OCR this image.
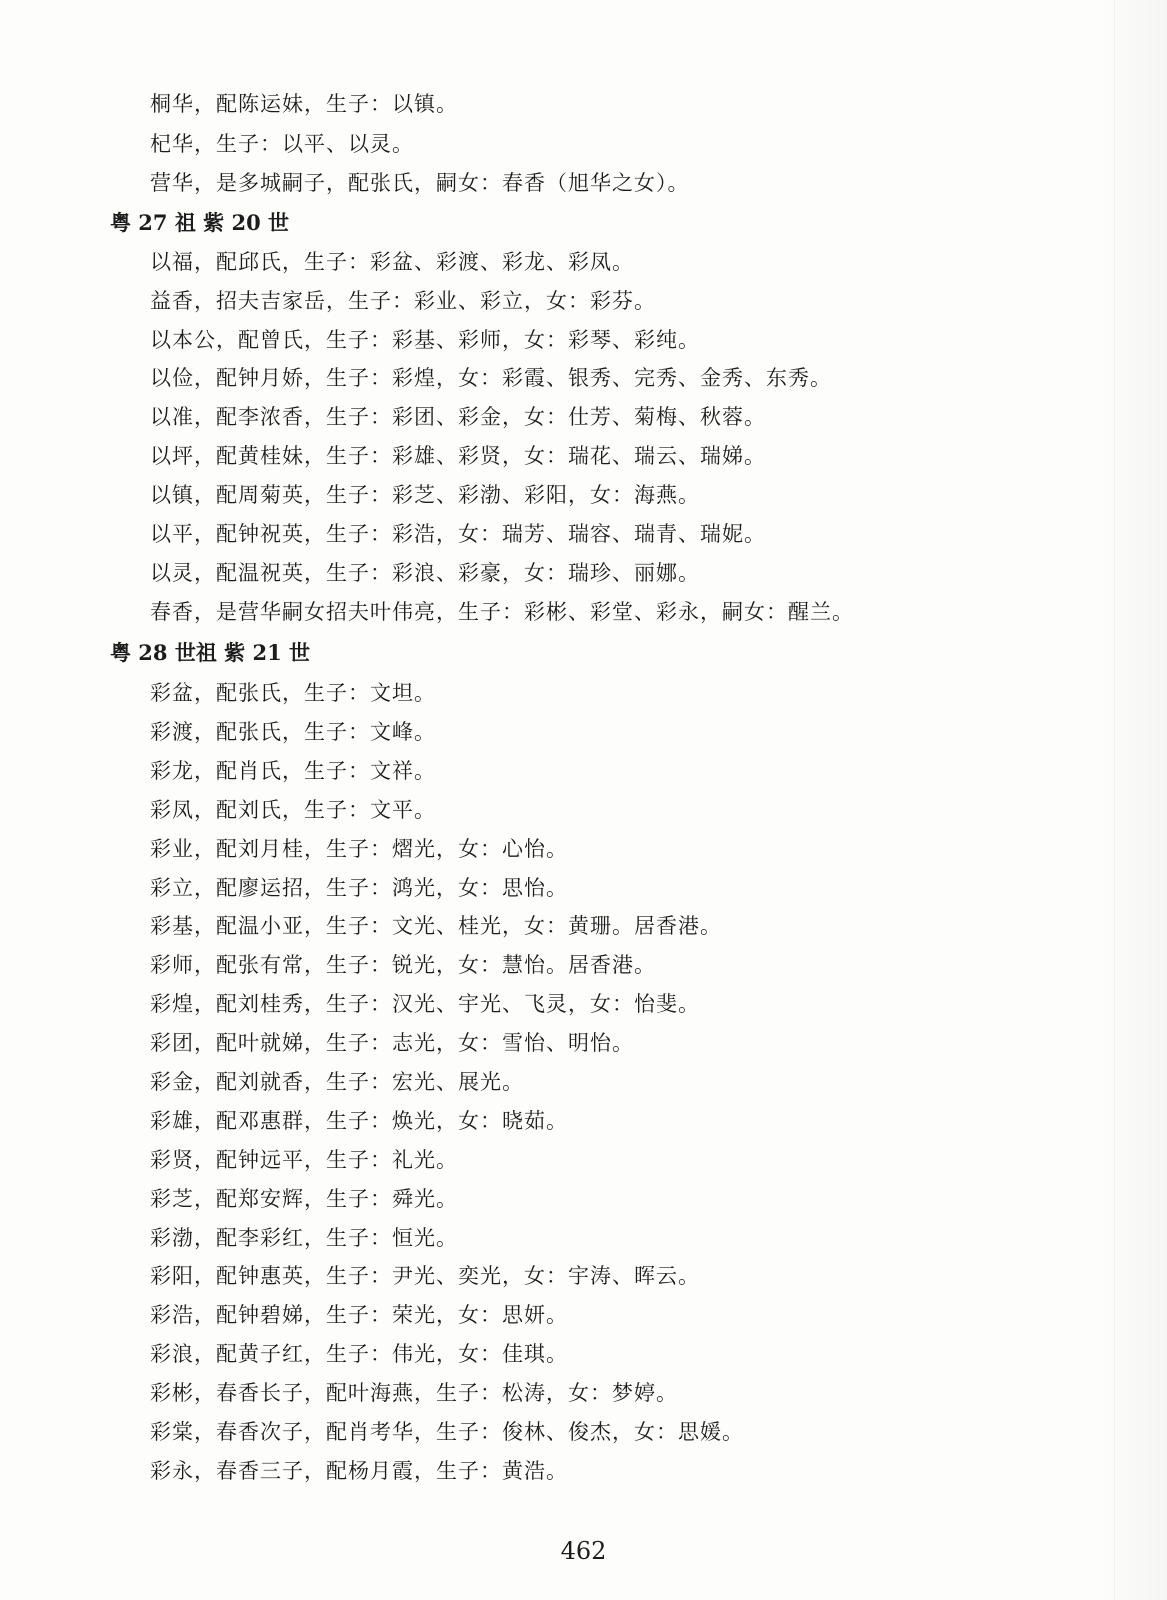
桐华，配陈运妹，生子：以镇。
杞华，生子：以平、以灵。
营华，是多城嗣子，配张氏，嗣女：春香（旭华之女）。
粤 27 祖 紫 20 世
以福，配邱氏，生子：彩盆、彩渡、彩龙、彩凤。
益香，招夫吉家岳，生子：彩业、彩立，女：彩芬。
以本公，配曾氏，生子：彩基、彩师，女：彩琴、彩纯。
以俭，配钟月娇，生子：彩煌，女：彩霞、银秀、完秀、金秀、东秀。
以准，配李浓香，生子：彩团、彩金，女：仕芳、菊梅、秋蓉。
以坪，配黄桂妹，生子：彩雄、彩贤，女：瑞花、瑞云、瑞娣。
以镇，配周菊英，生子：彩芝、彩渤、彩阳，女：海燕。
以平，配钟祝英，生子：彩浩，女：瑞芳、瑞容、瑞青、瑞妮。
以灵，配温祝英，生子：彩浪、彩豪，女：瑞珍、丽娜。
春香，是营华嗣女招夫叶伟亮，生子：彩彬、彩堂、彩永，嗣女：醒兰。
粤 28 世祖 紫 21 世
彩盆，配张氏，生子：文坦。
彩渡，配张氏，生子：文峰。
彩龙，配肖氏，生子：文祥。
彩凤，配刘氏，生子：文平。
彩业，配刘月桂，生子：熠光，女：心怡。
彩立，配廖运招，生子：鸿光，女：思怡。
彩基，配温小亚，生子：文光、桂光，女：黄珊。居香港。
彩师，配张有常，生子：锐光，女：慧怡。居香港。
彩煌，配刘桂秀，生子：汉光、宇光、飞灵，女：怡斐。
彩团，配叶就娣，生子：志光，女：雪怡、明怡。
彩金，配刘就香，生子：宏光、展光。
彩雄，配邓惠群，生子：焕光，女：晓茹。
彩贤，配钟远平，生子：礼光。
彩芝，配郑安辉，生子：舜光。
彩渤，配李彩红，生子：恒光。
彩阳，配钟惠英，生子：尹光、奕光，女：宇涛、晖云。
彩浩，配钟碧娣，生子：荣光，女：思妍。
彩浪，配黄子红，生子：伟光，女：佳琪。
彩彬，春香长子，配叶海燕，生子：松涛，女：梦婷。
彩棠，春香次子，配肖考华，生子：俊林、俊杰，女：思媛。
彩永，春香三子，配杨月霞，生子：黄浩。
462
